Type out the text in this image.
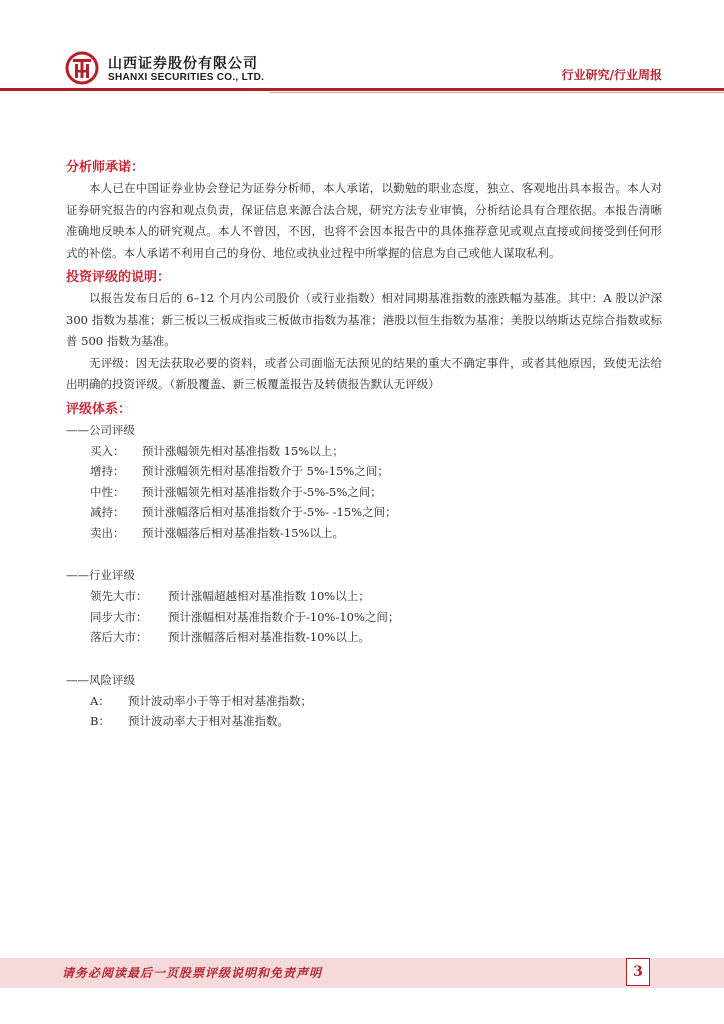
山西证券股份有限公司
SHANXI SECURITIES CO., LTD.	行业研究/行业周报

分析师承诺：

本人已在中国证券业协会登记为证券分析师，本人承诺，以勤勉的职业态度，独立、客观地出具本报告。本人对证券研究报告的内容和观点负责，保证信息来源合法合规，研究方法专业审慎，分析结论具有合理依据。本报告清晰准确地反映本人的研究观点。本人不曾因，不因，也将不会因本报告中的具体推荐意见或观点直接或间接受到任何形式的补偿。本人承诺不利用自己的身份、地位或执业过程中所掌握的信息为自己或他人谋取私利。

投资评级的说明：

以报告发布日后的 6–12 个月内公司股价（或行业指数）相对同期基准指数的涨跌幅为基准。其中：A 股以沪深 300 指数为基准；新三板以三板成指或三板做市指数为基准；港股以恒生指数为基准；美股以纳斯达克综合指数或标普 500 指数为基准。

无评级：因无法获取必要的资料，或者公司面临无法预见的结果的重大不确定事件，或者其他原因，致使无法给出明确的投资评级。（新股覆盖、新三板覆盖报告及转债报告默认无评级）

评级体系：

——公司评级

买入：	预计涨幅领先相对基准指数 15%以上；
增持：	预计涨幅领先相对基准指数介于 5%-15%之间；
中性：	预计涨幅领先相对基准指数介于-5%-5%之间；
减持：	预计涨幅落后相对基准指数介于-5%- -15%之间；
卖出：	预计涨幅落后相对基准指数-15%以上。

——行业评级

领先大市：	预计涨幅超越相对基准指数 10%以上；
同步大市：	预计涨幅相对基准指数介于-10%-10%之间；
落后大市：	预计涨幅落后相对基准指数-10%以上。

——风险评级

A：	预计波动率小于等于相对基准指数；
B：	预计波动率大于相对基准指数。
请务必阅读最后一页股票评级说明和免责声明	3
